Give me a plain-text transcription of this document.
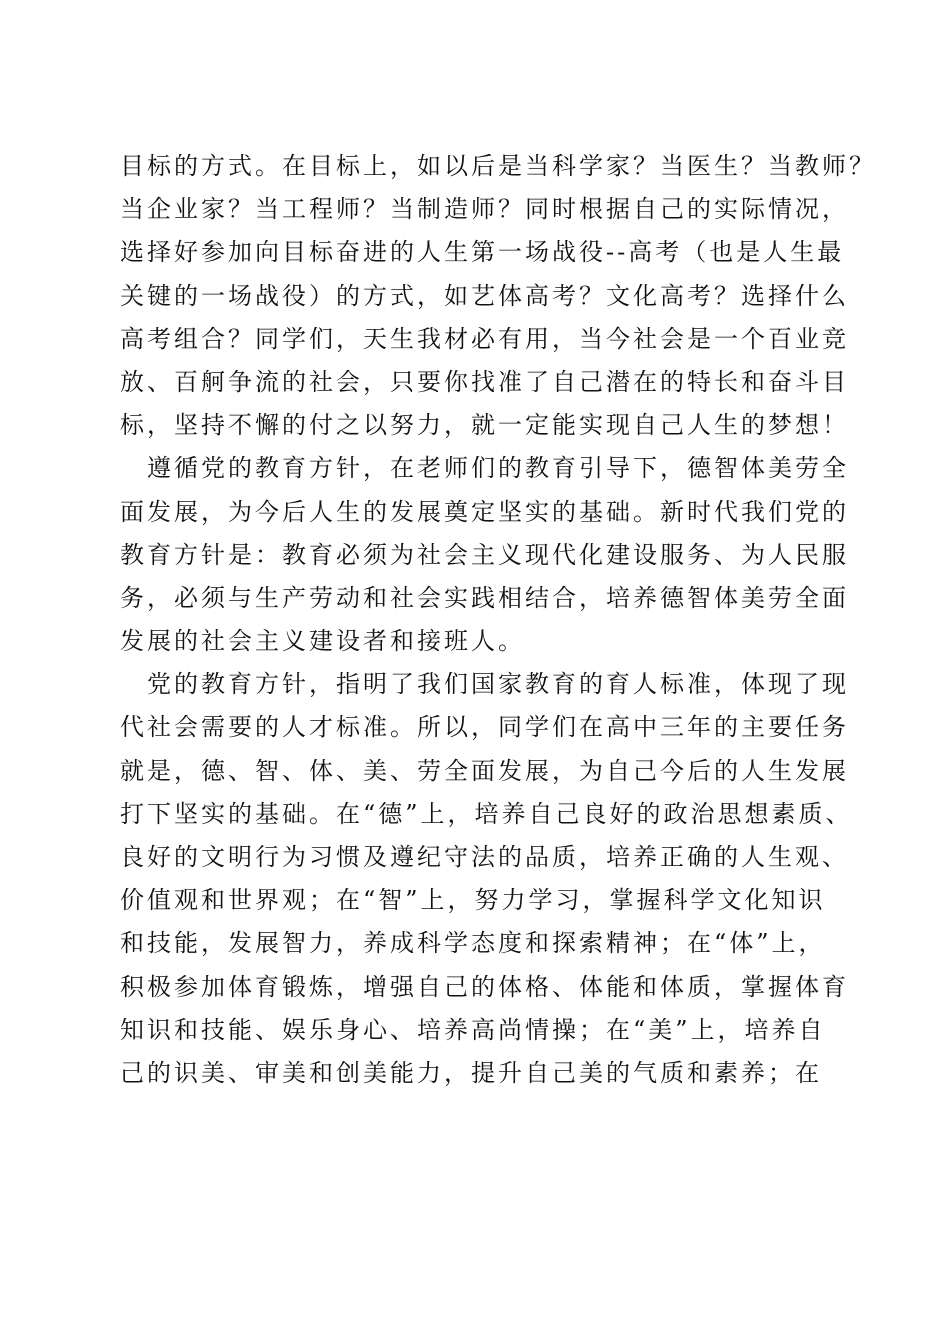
目标的方式。在目标上，如以后是当科学家？当医生？当教师？
当企业家？当工程师？当制造师？同时根据自己的实际情况，
选择好参加向目标奋进的人生第一场战役--高考（也是人生最
关键的一场战役）的方式，如艺体高考？文化高考？选择什么
高考组合？同学们，天生我材必有用，当今社会是一个百业竞
放、百舸争流的社会，只要你找准了自己潜在的特长和奋斗目
标，坚持不懈的付之以努力，就一定能实现自己人生的梦想！
　遵循党的教育方针，在老师们的教育引导下，德智体美劳全
面发展，为今后人生的发展奠定坚实的基础。新时代我们党的
教育方针是：教育必须为社会主义现代化建设服务、为人民服
务，必须与生产劳动和社会实践相结合，培养德智体美劳全面
发展的社会主义建设者和接班人。
　党的教育方针，指明了我们国家教育的育人标准，体现了现
代社会需要的人才标准。所以，同学们在高中三年的主要任务
就是，德、智、体、美、劳全面发展，为自己今后的人生发展
打下坚实的基础。在“德”上，培养自己良好的政治思想素质、
良好的文明行为习惯及遵纪守法的品质，培养正确的人生观、
价值观和世界观；在“智”上，努力学习，掌握科学文化知识
和技能，发展智力，养成科学态度和探索精神；在“体”上，
积极参加体育锻炼，增强自己的体格、体能和体质，掌握体育
知识和技能、娱乐身心、培养高尚情操；在“美”上，培养自
己的识美、审美和创美能力，提升自己美的气质和素养；在
